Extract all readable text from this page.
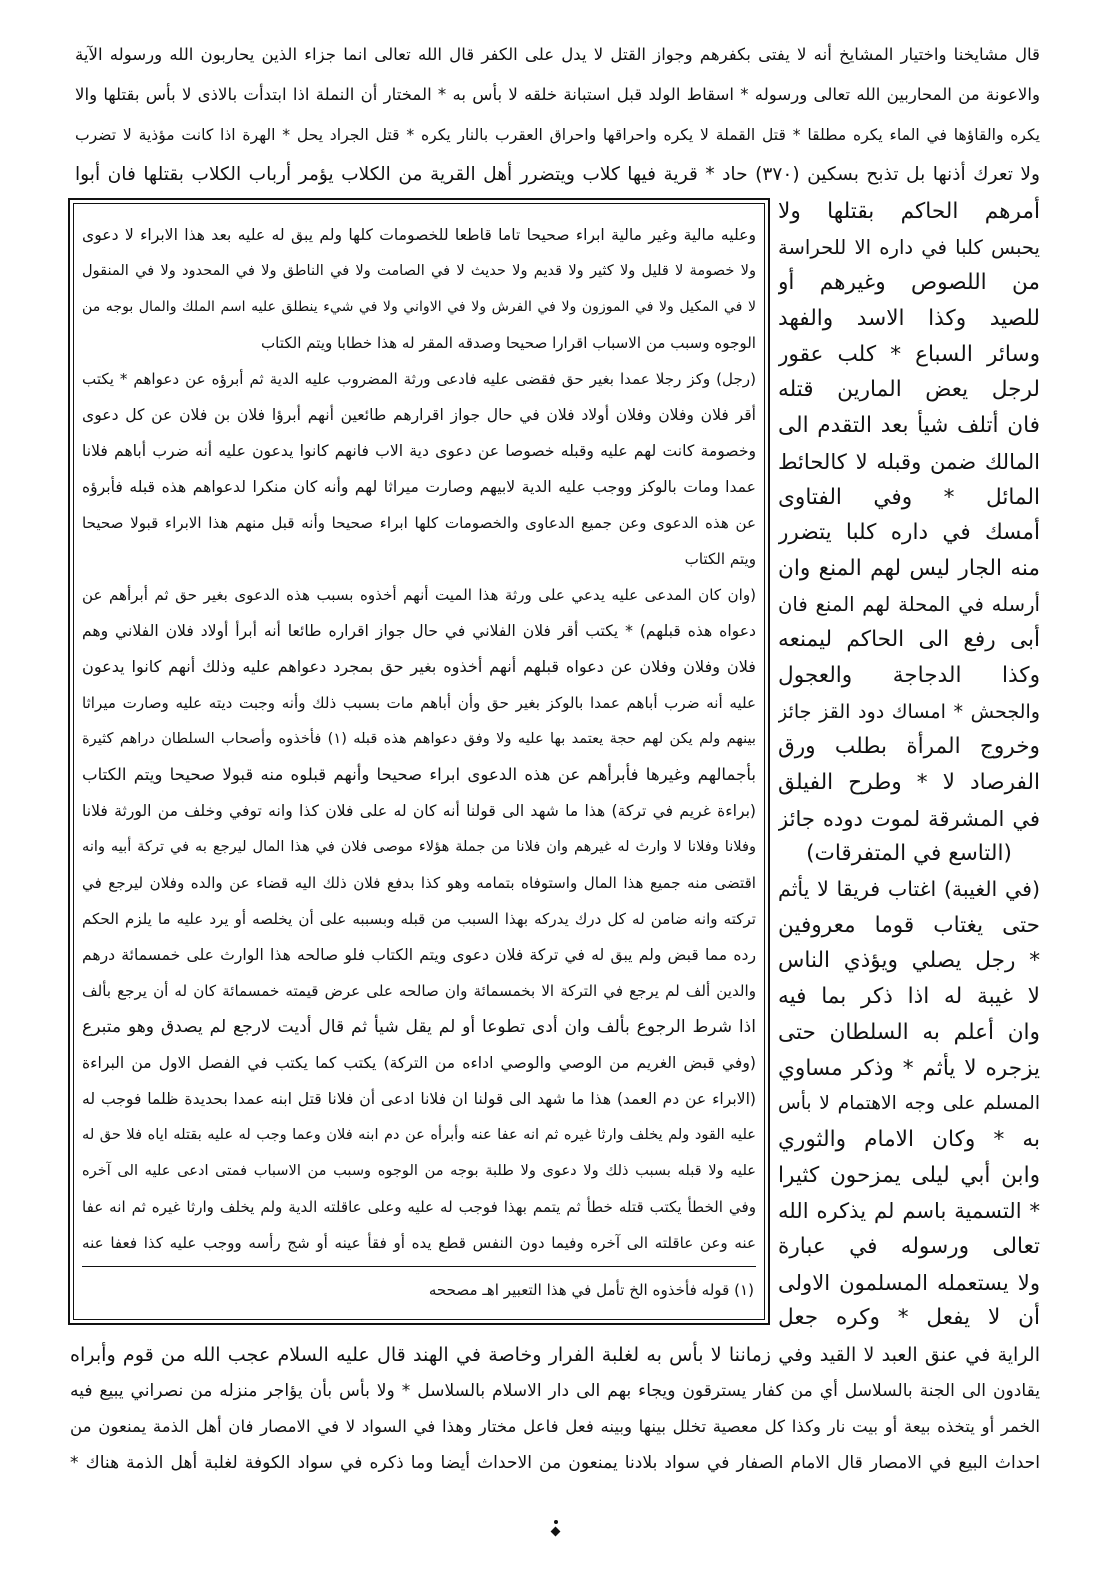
قال مشايخنا واختيار المشايخ أنه لا يفتى بكفرهم وجواز القتل لا يدل على الكفر قال الله تعالى انما جزاء الذين يحاربون الله ورسوله الآية
والاعونة من المحاربين الله تعالى ورسوله * اسقاط الولد قبل استبانة خلقه لا بأس به * المختار أن النملة اذا ابتدأت بالاذى لا بأس بقتلها والا
يكره والقاؤها في الماء يكره مطلقا * قتل القملة لا يكره واحراقها واحراق العقرب بالنار يكره * قتل الجراد يحل * الهرة اذا كانت مؤذية لا تضرب
ولا تعرك أذنها بل تذبح بسكين (٣٧٠) حاد * قرية فيها كلاب ويتضرر أهل القرية من الكلاب يؤمر أرباب الكلاب بقتلها فان أبوا
أمرهم الحاكم بقتلها ولا
يحبس كلبا في داره الا للحراسة
من اللصوص وغيرهم أو
للصيد وكذا الاسد والفهد
وسائر السباع * كلب عقور
لرجل يعض المارين قتله
فان أتلف شيأ بعد التقدم الى
المالك ضمن وقبله لا كالحائط
المائل * وفي الفتاوى
أمسك في داره كلبا يتضرر
منه الجار ليس لهم المنع وان
أرسله في المحلة لهم المنع فان
أبى رفع الى الحاكم ليمنعه
وكذا الدجاجة والعجول
والجحش * امساك دود القز جائز
وخروج المرأة بطلب ورق
الفرصاد لا * وطرح الفيلق
في المشرقة لموت دوده جائز
(التاسع في المتفرقات)
(في الغيبة) اغتاب فريقا لا يأثم
حتى يغتاب قوما معروفين
* رجل يصلي ويؤذي الناس
لا غيبة له اذا ذكر بما فيه
وان أعلم به السلطان حتى
يزجره لا يأثم * وذكر مساوي
المسلم على وجه الاهتمام لا بأس
به * وكان الامام والثوري
وابن أبي ليلى يمزحون كثيرا
* التسمية باسم لم يذكره الله
تعالى ورسوله في عبارة
ولا يستعمله المسلمون الاولى
أن لا يفعل * وكره جعل
وعليه مالية وغير مالية ابراء صحيحا تاما قاطعا للخصومات كلها ولم يبق له عليه بعد هذا الابراء لا دعوى
ولا خصومة لا قليل ولا كثير ولا قديم ولا حديث لا في الصامت ولا في الناطق ولا في المحدود ولا في المنقول
لا في المكيل ولا في الموزون ولا في الفرش ولا في الاواني ولا في شيء ينطلق عليه اسم الملك والمال بوجه من
الوجوه وسبب من الاسباب اقرارا صحيحا وصدقه المقر له هذا خطابا ويتم الكتاب
(رجل) وكز رجلا عمدا بغير حق فقضى عليه فادعى ورثة المضروب عليه الدية ثم أبرؤه عن دعواهم * يكتب
أقر فلان وفلان وفلان أولاد فلان في حال جواز اقرارهم طائعين أنهم أبرؤا فلان بن فلان عن كل دعوى
وخصومة كانت لهم عليه وقبله خصوصا عن دعوى دية الاب فانهم كانوا يدعون عليه أنه ضرب أباهم فلانا
عمدا ومات بالوكز ووجب عليه الدية لابيهم وصارت ميراثا لهم وأنه كان منكرا لدعواهم هذه قبله فأبرؤه
عن هذه الدعوى وعن جميع الدعاوى والخصومات كلها ابراء صحيحا وأنه قبل منهم هذا الابراء قبولا صحيحا
ويتم الكتاب
(وان كان المدعى عليه يدعي على ورثة هذا الميت أنهم أخذوه بسبب هذه الدعوى بغير حق ثم أبرأهم عن
دعواه هذه قبلهم) * يكتب أقر فلان الفلاني في حال جواز اقراره طائعا أنه أبرأ أولاد فلان الفلاني وهم
فلان وفلان وفلان عن دعواه قبلهم أنهم أخذوه بغير حق بمجرد دعواهم عليه وذلك أنهم كانوا يدعون
عليه أنه ضرب أباهم عمدا بالوكز بغير حق وأن أباهم مات بسبب ذلك وأنه وجبت ديته عليه وصارت ميراثا
بينهم ولم يكن لهم حجة يعتمد بها عليه ولا وفق دعواهم هذه قبله (١) فأخذوه وأصحاب السلطان دراهم كثيرة
بأجمالهم وغيرها فأبرأهم عن هذه الدعوى ابراء صحيحا وأنهم قبلوه منه قبولا صحيحا ويتم الكتاب
(براءة غريم في تركة) هذا ما شهد الى قولنا أنه كان له على فلان كذا وانه توفي وخلف من الورثة فلانا
وفلانا وفلانا لا وارث له غيرهم وان فلانا من جملة هؤلاء موصى فلان في هذا المال ليرجع به في تركة أبيه وانه
اقتضى منه جميع هذا المال واستوفاه بتمامه وهو كذا بدفع فلان ذلك اليه قضاء عن والده وفلان ليرجع في
تركته وانه ضامن له كل درك يدركه بهذا السبب من قبله وبسببه على أن يخلصه أو يرد عليه ما يلزم الحكم
رده مما قبض ولم يبق له في تركة فلان دعوى ويتم الكتاب فلو صالحه هذا الوارث على خمسمائة درهم
والدين ألف لم يرجع في التركة الا بخمسمائة وان صالحه على عرض قيمته خمسمائة كان له أن يرجع بألف
اذا شرط الرجوع بألف وان أدى تطوعا أو لم يقل شيأ ثم قال أديت لارجع لم يصدق وهو متبرع
(وفي قبض الغريم من الوصي والوصي اداءه من التركة) يكتب كما يكتب في الفصل الاول من البراءة
(الابراء عن دم العمد) هذا ما شهد الى قولنا ان فلانا ادعى أن فلانا قتل ابنه عمدا بحديدة ظلما فوجب له
عليه القود ولم يخلف وارثا غيره ثم انه عفا عنه وأبرأه عن دم ابنه فلان وعما وجب له عليه بقتله اياه فلا حق له
عليه ولا قبله بسبب ذلك ولا دعوى ولا طلبة بوجه من الوجوه وسبب من الاسباب فمتى ادعى عليه الى آخره
وفي الخطأ يكتب قتله خطأ ثم يتمم بهذا فوجب له عليه وعلى عاقلته الدية ولم يخلف وارثا غيره ثم انه عفا
عنه وعن عاقلته الى آخره وفيما دون النفس قطع يده أو فقأ عينه أو شج رأسه ووجب عليه كذا فعفا عنه
(١) قوله فأخذوه الخ تأمل في هذا التعبير اهـ مصححه
الراية في عنق العبد لا القيد وفي زماننا لا بأس به لغلبة الفرار وخاصة في الهند قال عليه السلام عجب الله من قوم وأبراه
يقادون الى الجنة بالسلاسل أي من كفار يسترقون ويجاء بهم الى دار الاسلام بالسلاسل * ولا بأس بأن يؤاجر منزله من نصراني يبيع فيه
الخمر أو يتخذه بيعة أو بيت نار وكذا كل معصية تخلل بينها وبينه فعل فاعل مختار وهذا في السواد لا في الامصار فان أهل الذمة يمنعون من
احداث البيع في الامصار قال الامام الصفار في سواد بلادنا يمنعون من الاحداث أيضا وما ذكره في سواد الكوفة لغلبة أهل الذمة هناك *
